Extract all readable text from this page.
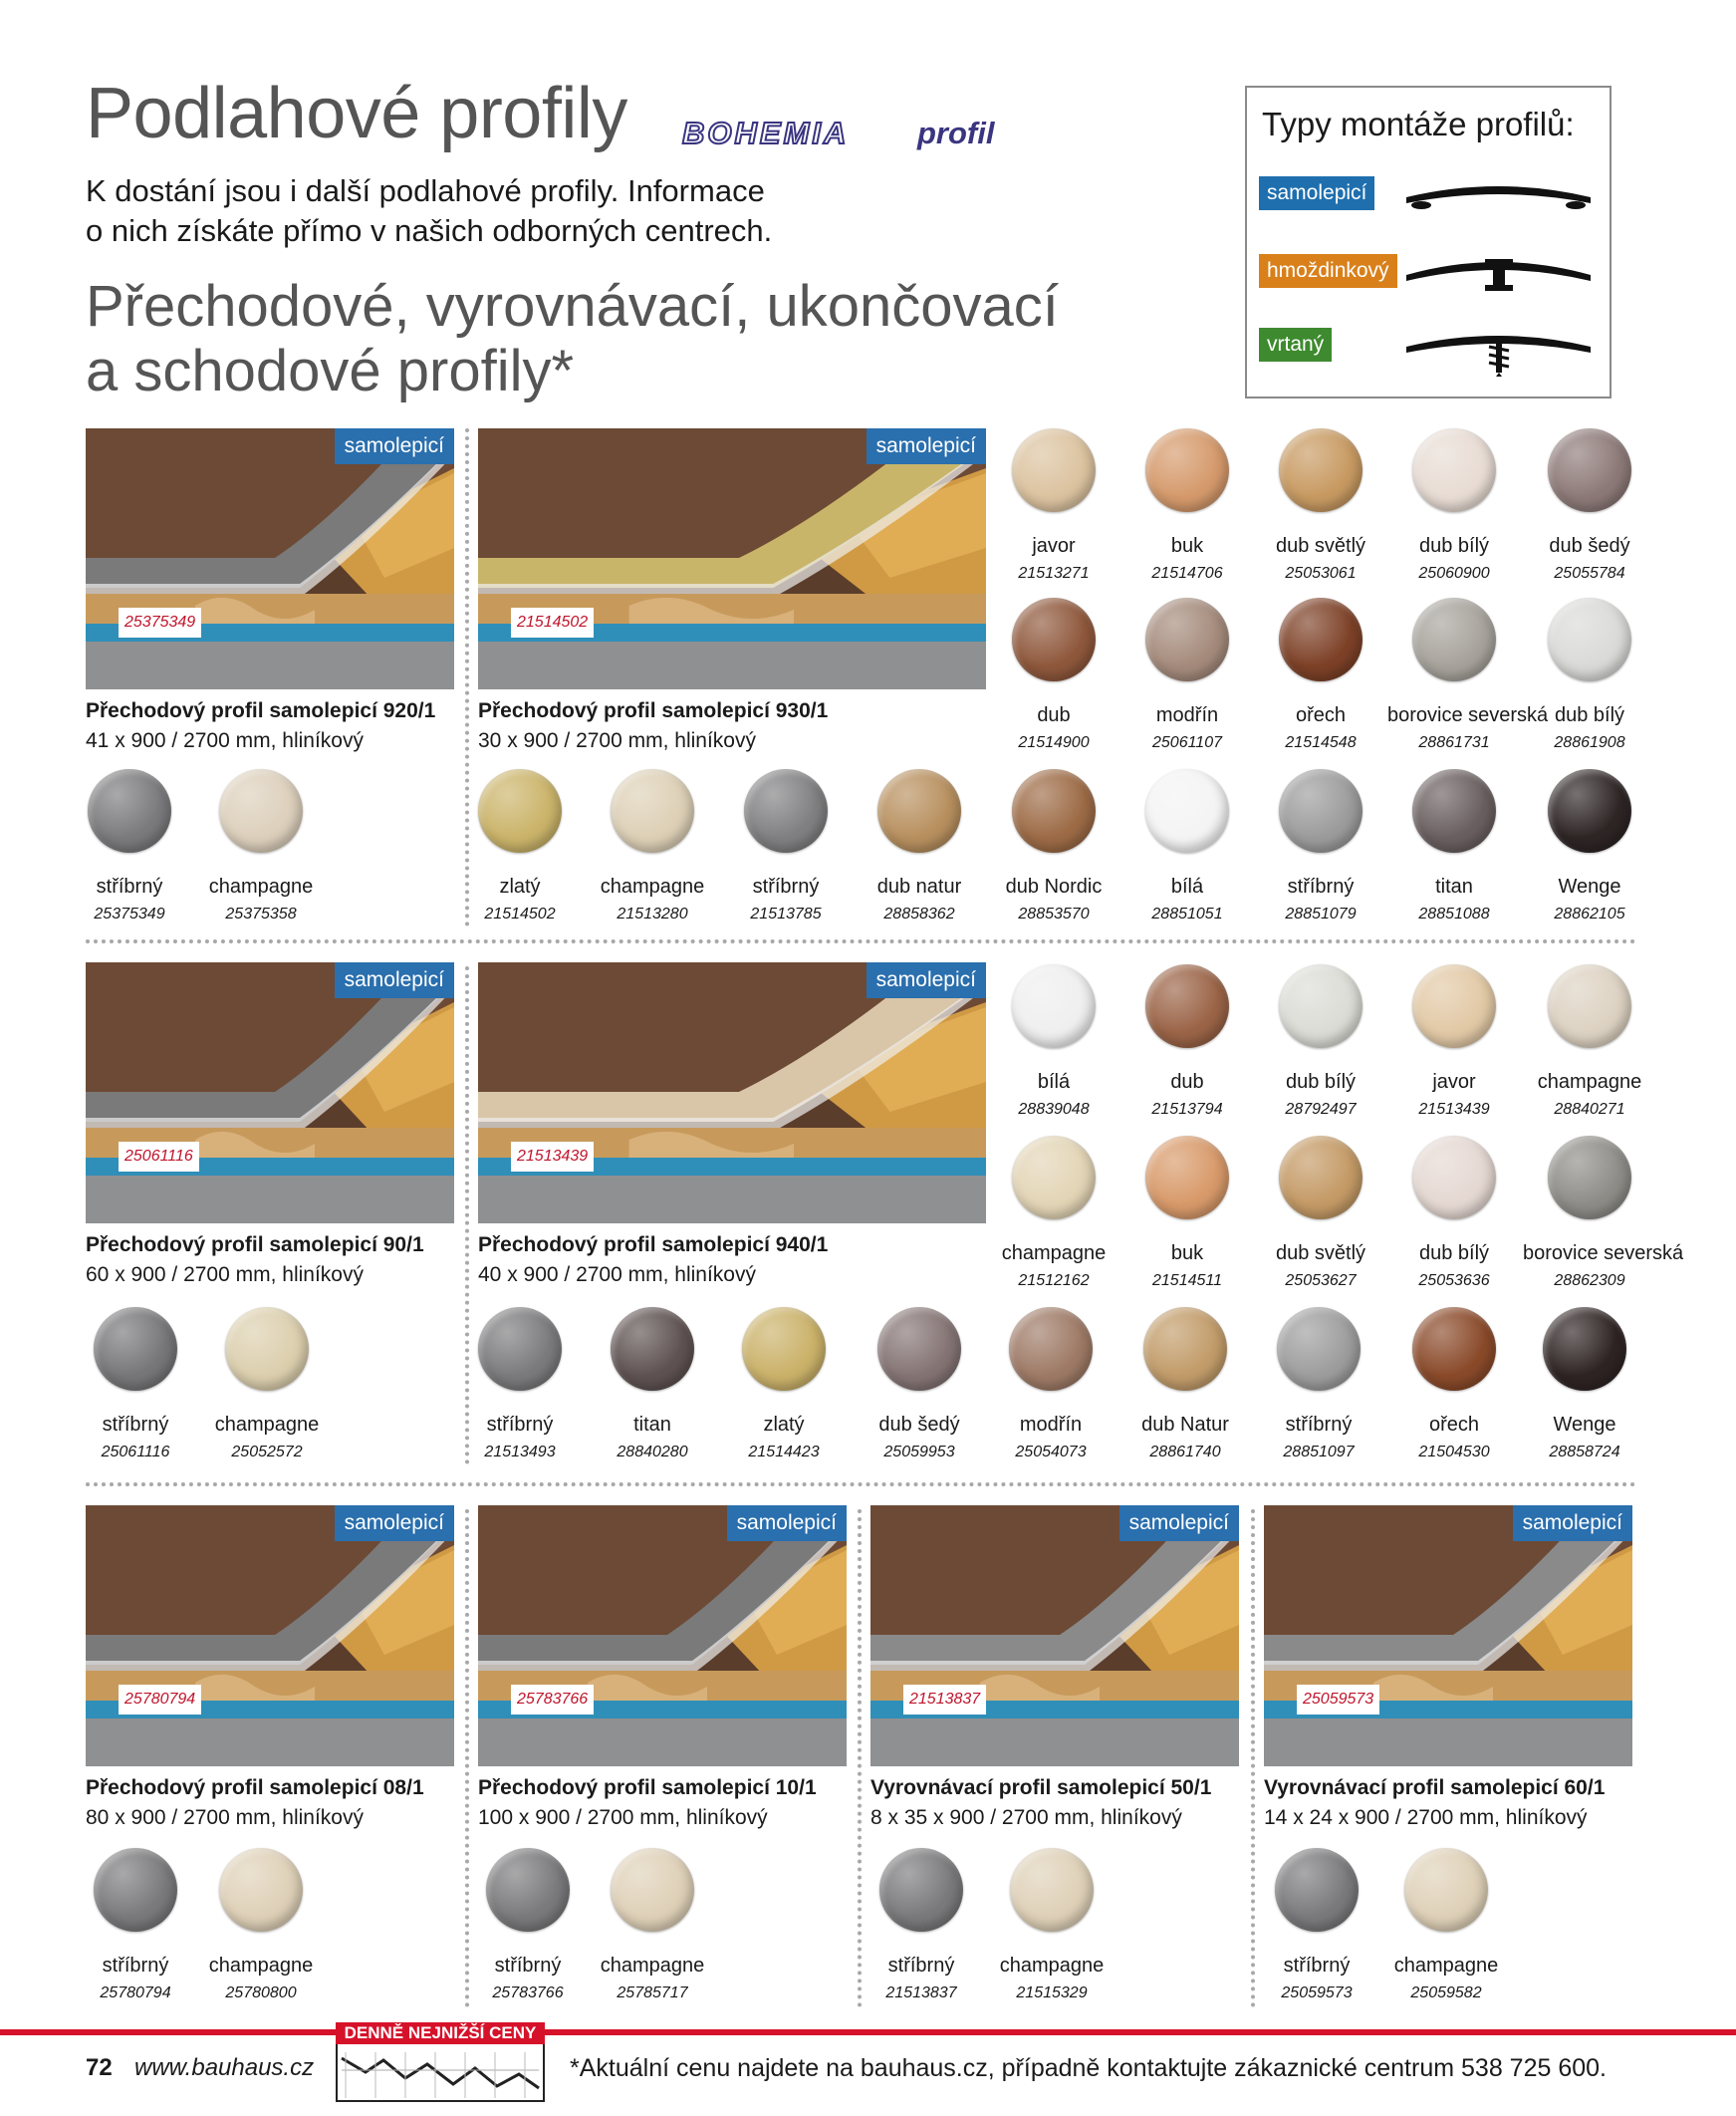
Podlahové profily BOHEMIA profil
K dostání jsou i další podlahové profily. Informace
o nich získáte přímo v našich odborných centrech.
Přechodové, vyrovnávací, ukončovací
a schodové profily*
Typy montáže profilů:
samolepicí
hmoždinkový
vrtaný
samolepicí
25375349
Přechodový profil samolepicí 920/1
41 x 900 / 2700 mm, hliníkový
samolepicí
21514502
Přechodový profil samolepicí 930/1
30 x 900 / 2700 mm, hliníkový
samolepicí
25061116
Přechodový profil samolepicí 90/1
60 x 900 / 2700 mm, hliníkový
samolepicí
21513439
Přechodový profil samolepicí 940/1
40 x 900 / 2700 mm, hliníkový
samolepicí
25780794
Přechodový profil samolepicí 08/1
80 x 900 / 2700 mm, hliníkový
samolepicí
25783766
Přechodový profil samolepicí 10/1
100 x 900 / 2700 mm, hliníkový
samolepicí
21513837
Vyrovnávací profil samolepicí 50/1
8 x 35 x 900 / 2700 mm, hliníkový
samolepicí
25059573
Vyrovnávací profil samolepicí 60/1
14 x 24 x 900 / 2700 mm, hliníkový
javor
21513271
buk
21514706
dub světlý
25053061
dub bílý
25060900
dub šedý
25055784
dub
21514900
modřín
25061107
ořech
21514548
borovice severská
28861731
dub bílý
28861908
stříbrný
25375349
champagne
25375358
zlatý
21514502
champagne
21513280
stříbrný
21513785
dub natur
28858362
dub Nordic
28853570
bílá
28851051
stříbrný
28851079
titan
28851088
Wenge
28862105
bílá
28839048
dub
21513794
dub bílý
28792497
javor
21513439
champagne
28840271
champagne
21512162
buk
21514511
dub světlý
25053627
dub bílý
25053636
borovice severská
28862309
stříbrný
25061116
champagne
25052572
stříbrný
21513493
titan
28840280
zlatý
21514423
dub šedý
25059953
modřín
25054073
dub Natur
28861740
stříbrný
28851097
ořech
21504530
Wenge
28858724
stříbrný
25780794
champagne
25780800
stříbrný
25783766
champagne
25785717
stříbrný
21513837
champagne
21515329
stříbrný
25059573
champagne
25059582
72 www.bauhaus.cz
DENNĚ NEJNIŽŠÍ CENY
*Aktuální cenu najdete na bauhaus.cz, případně kontaktujte zákaznické centrum 538 725 600.
